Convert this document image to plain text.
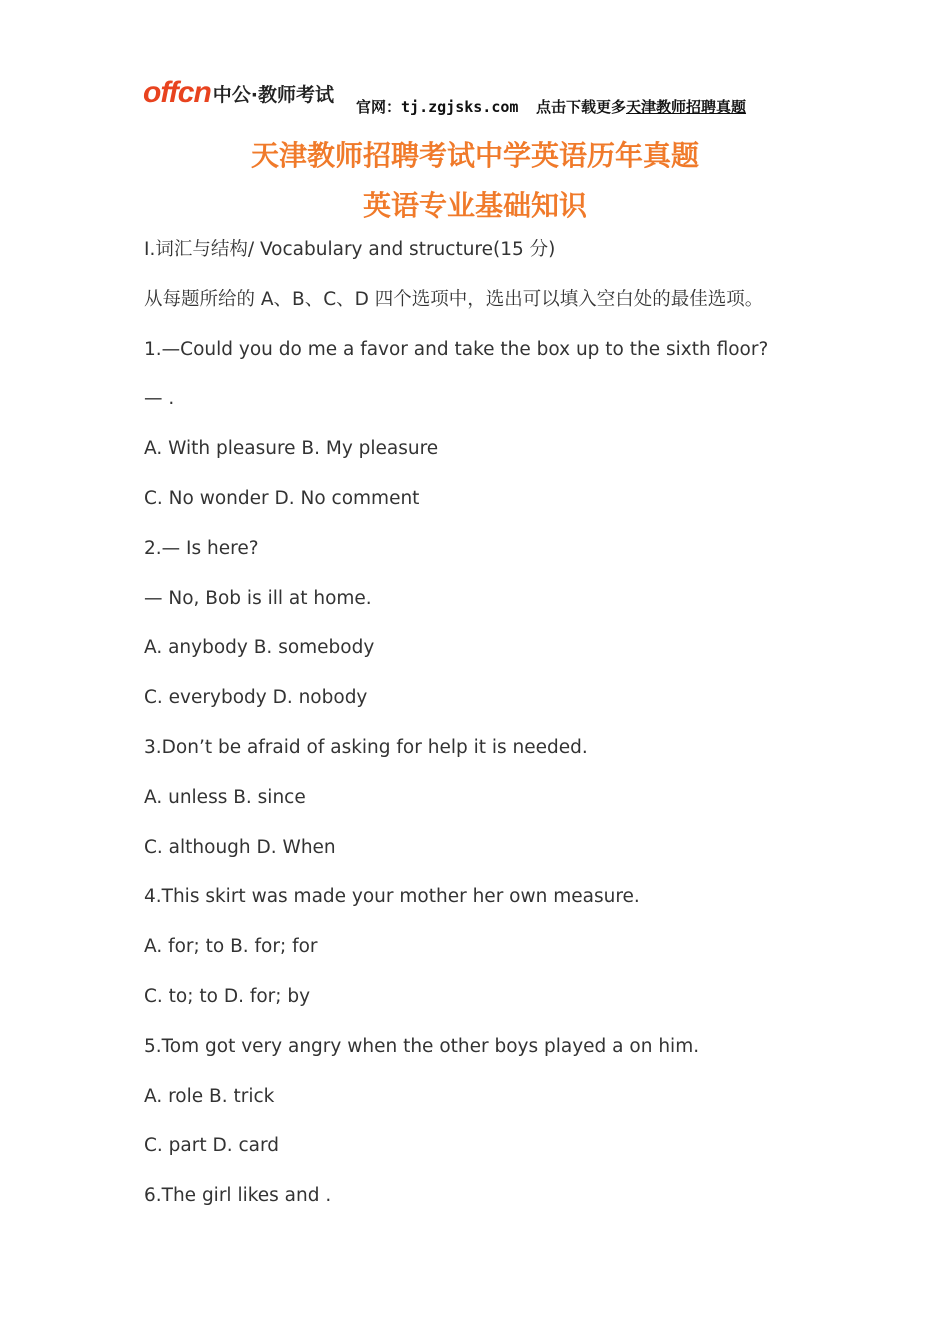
offcn 中公·教师考试
官网：tj.zgjsks.com 点击下载更多天津教师招聘真题
天津教师招聘考试中学英语历年真题
英语专业基础知识
Ⅰ.词汇与结构/ Vocabulary and structure(15 分)
从每题所给的 A、B、C、D 四个选项中，选出可以填入空白处的最佳选项。
1.—Could you do me a favor and take the box up to the sixth floor?
— .
A. With pleasure B. My pleasure
C. No wonder D. No comment
2.— Is here?
— No, Bob is ill at home.
A. anybody B. somebody
C. everybody D. nobody
3.Don’t be afraid of asking for help it is needed.
A. unless B. since
C. although D. When
4.This skirt was made your mother her own measure.
A. for; to B. for; for
C. to; to D. for; by
5.Tom got very angry when the other boys played a on him.
A. role B. trick
C. part D. card
6.The girl likes and .
